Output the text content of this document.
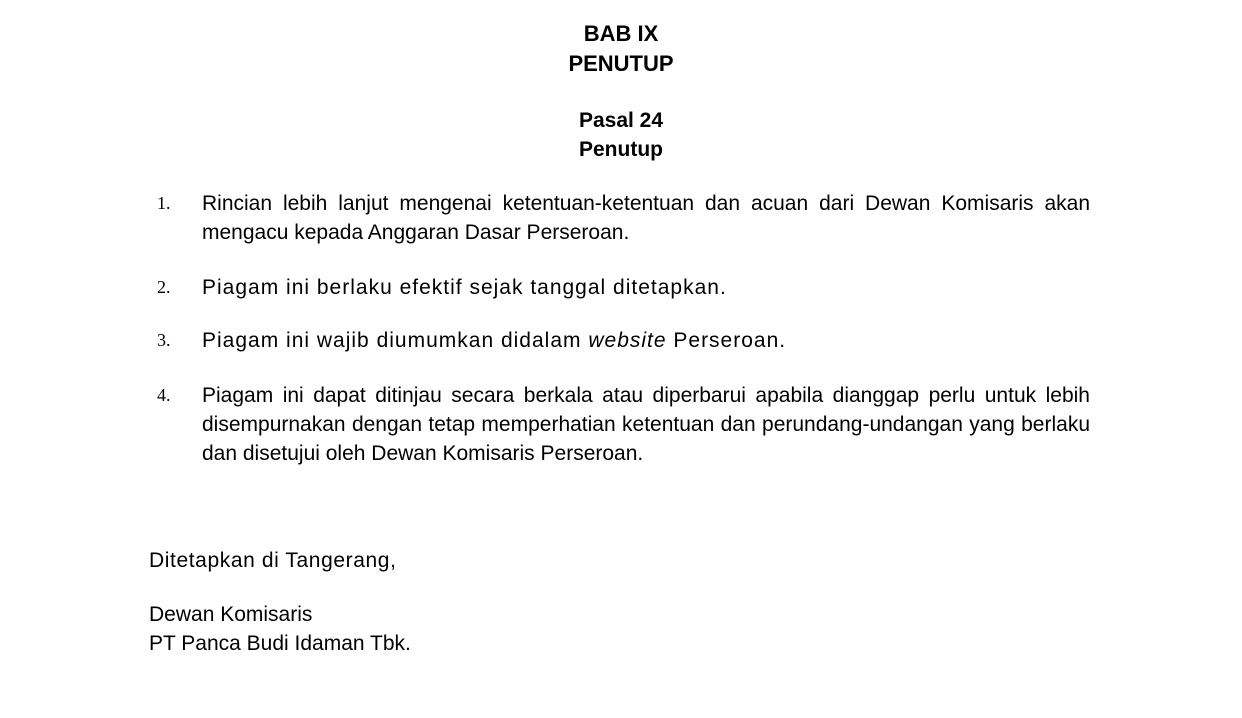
BAB IX
PENUTUP
Pasal 24
Penutup
1.	Rincian lebih lanjut mengenai ketentuan-ketentuan dan acuan dari Dewan Komisaris akan mengacu kepada Anggaran Dasar Perseroan.
2.	Piagam ini berlaku efektif sejak tanggal ditetapkan.
3.	Piagam ini wajib diumumkan didalam website Perseroan.
4.	Piagam ini dapat ditinjau secara berkala atau diperbarui apabila dianggap perlu untuk lebih disempurnakan dengan tetap memperhatian ketentuan dan perundang-undangan yang berlaku dan disetujui oleh Dewan Komisaris Perseroan.
Ditetapkan di Tangerang,
Dewan Komisaris
PT Panca Budi Idaman Tbk.
